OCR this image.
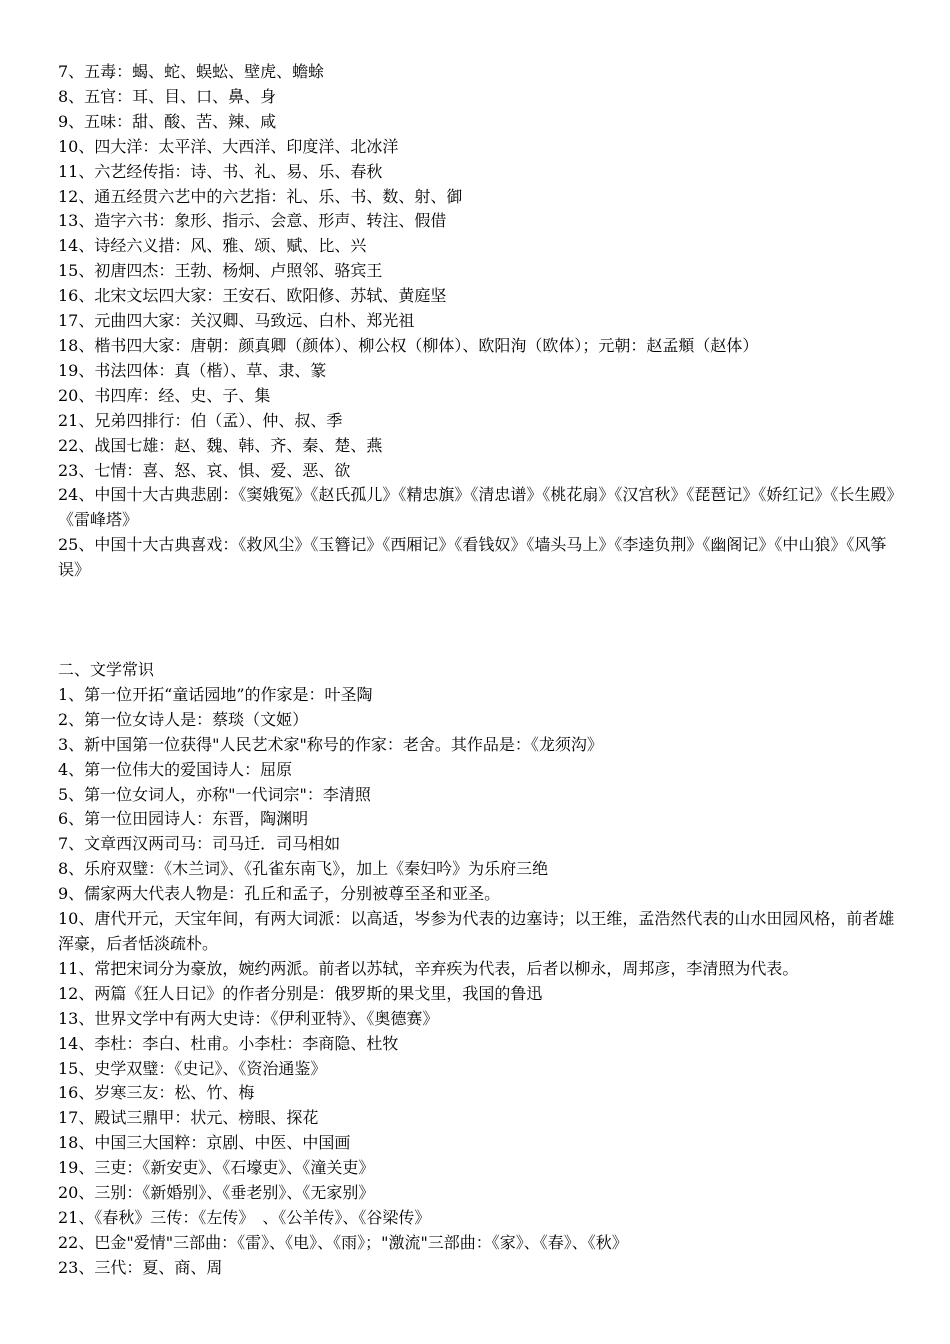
7、五毒：蝎、蛇、蜈蚣、壁虎、蟾蜍

8、五官：耳、目、口、鼻、身

9、五味：甜、酸、苦、辣、咸

10、四大洋：太平洋、大西洋、印度洋、北冰洋

11、六艺经传指：诗、书、礼、易、乐、春秋

12、通五经贯六艺中的六艺指：礼、乐、书、数、射、御

13、造字六书：象形、指示、会意、形声、转注、假借

14、诗经六义措：风、雅、颂、赋、比、兴

15、初唐四杰：王勃、杨炯、卢照邻、骆宾王

16、北宋文坛四大家：王安石、欧阳修、苏轼、黄庭坚

17、元曲四大家：关汉卿、马致远、白朴、郑光祖

18、楷书四大家：唐朝：颜真卿（颜体）、柳公权（柳体）、欧阳洵（欧体）；元朝：赵孟頫（赵体）

19、书法四体：真（楷）、草、隶、篆

20、书四库：经、史、子、集

21、兄弟四排行：伯（孟）、仲、叔、季

22、战国七雄：赵、魏、韩、齐、秦、楚、燕

23、七情：喜、怒、哀、惧、爱、恶、欲

24、中国十大古典悲剧：《窦娥冤》《赵氏孤儿》《精忠旗》《清忠谱》《桃花扇》《汉宫秋》《琵琶记》《娇红记》《长生殿》《雷峰塔》

25、中国十大古典喜戏：《救风尘》《玉簪记》《西厢记》《看钱奴》《墙头马上》《李逵负荆》《幽阁记》《中山狼》《风筝误》

二、文学常识

1、第一位开拓“童话园地”的作家是：叶圣陶

2、第一位女诗人是：蔡琰（文姬）

3、新中国第一位获得"人民艺术家"称号的作家：老舍。其作品是：《龙须沟》

4、第一位伟大的爱国诗人：屈原

5、第一位女词人，亦称"一代词宗"：李清照

6、第一位田园诗人：东晋，陶渊明

7、文章西汉两司马：司马迁．司马相如

8、乐府双璧：《木兰词》、《孔雀东南飞》，加上《秦妇吟》为乐府三绝

9、儒家两大代表人物是：孔丘和孟子，分别被尊至圣和亚圣。

10、唐代开元，天宝年间，有两大词派：以高适，岑参为代表的边塞诗；以王维，孟浩然代表的山水田园风格，前者雄浑豪，后者恬淡疏朴。

11、常把宋词分为豪放，婉约两派。前者以苏轼，辛弃疾为代表，后者以柳永，周邦彦，李清照为代表。

12、两篇《狂人日记》的作者分别是：俄罗斯的果戈里，我国的鲁迅

13、世界文学中有两大史诗：《伊利亚特》、《奥德赛》

14、李杜：李白、杜甫。小李杜：李商隐、杜牧

15、史学双璧：《史记》、《资治通鉴》

16、岁寒三友：松、竹、梅

17、殿试三鼎甲：状元、榜眼、探花

18、中国三大国粹：京剧、中医、中国画

19、三吏：《新安吏》、《石壕吏》、《潼关吏》

20、三别：《新婚别》、《垂老别》、《无家别》

21、《春秋》三传：《左传》　、《公羊传》、《谷梁传》

22、巴金"爱情"三部曲：《雷》、《电》、《雨》；"激流"三部曲：《家》、《春》、《秋》

23、三代：夏、商、周
